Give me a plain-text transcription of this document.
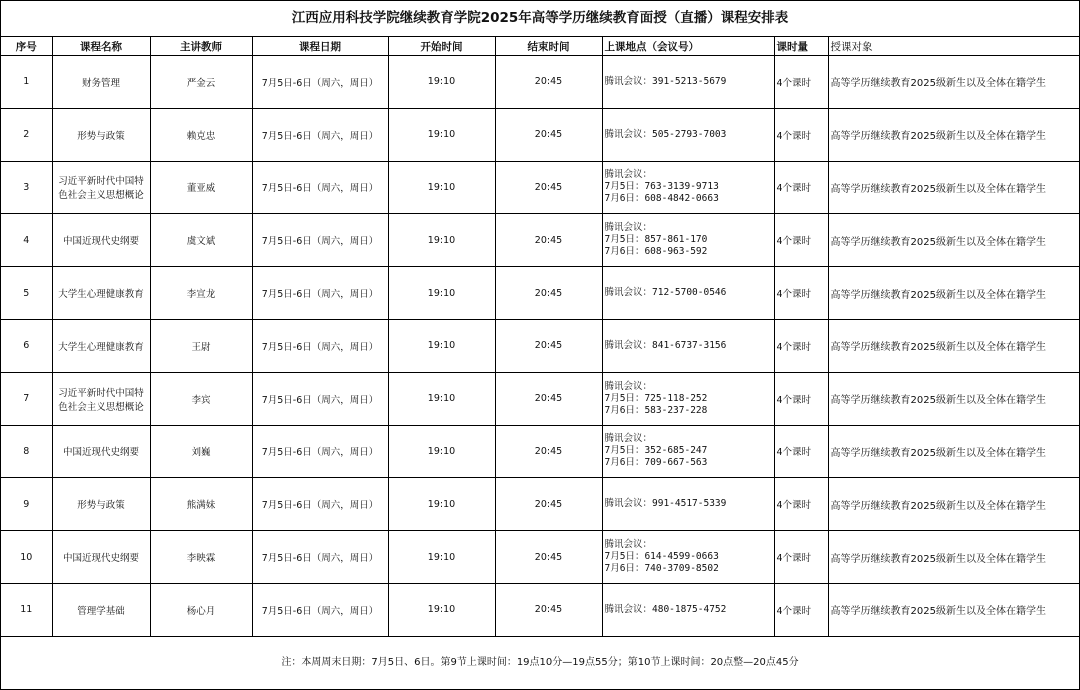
江西应用科技学院继续教育学院2025年高等学历继续教育面授（直播）课程安排表
序号	课程名称	主讲教师	课程日期	开始时间	结束时间	上课地点（会议号）	课时量	授课对象
1	财务管理	严金云	7月5日-6日（周六，周日）	19:10	20:45	腾讯会议：391-5213-5679	4个课时	高等学历继续教育2025级新生以及全体在籍学生
2	形势与政策	赖克忠	7月5日-6日（周六，周日）	19:10	20:45	腾讯会议：505-2793-7003	4个课时	高等学历继续教育2025级新生以及全体在籍学生
3	习近平新时代中国特色社会主义思想概论	董亚威	7月5日-6日（周六，周日）	19:10	20:45	腾讯会议：
7月5日：763-3139-9713
7月6日：608-4842-0663	4个课时	高等学历继续教育2025级新生以及全体在籍学生
4	中国近现代史纲要	虞文斌	7月5日-6日（周六，周日）	19:10	20:45	腾讯会议：
7月5日：857-861-170
7月6日：608-963-592	4个课时	高等学历继续教育2025级新生以及全体在籍学生
5	大学生心理健康教育	李宣龙	7月5日-6日（周六，周日）	19:10	20:45	腾讯会议：712-5700-0546	4个课时	高等学历继续教育2025级新生以及全体在籍学生
6	大学生心理健康教育	王尉	7月5日-6日（周六，周日）	19:10	20:45	腾讯会议：841-6737-3156	4个课时	高等学历继续教育2025级新生以及全体在籍学生
7	习近平新时代中国特色社会主义思想概论	李宾	7月5日-6日（周六，周日）	19:10	20:45	腾讯会议：
7月5日：725-118-252
7月6日：583-237-228	4个课时	高等学历继续教育2025级新生以及全体在籍学生
8	中国近现代史纲要	刘巍	7月5日-6日（周六，周日）	19:10	20:45	腾讯会议：
7月5日：352-685-247
7月6日：709-667-563	4个课时	高等学历继续教育2025级新生以及全体在籍学生
9	形势与政策	熊满妹	7月5日-6日（周六，周日）	19:10	20:45	腾讯会议：991-4517-5339	4个课时	高等学历继续教育2025级新生以及全体在籍学生
10	中国近现代史纲要	李映霖	7月5日-6日（周六，周日）	19:10	20:45	腾讯会议：
7月5日：614-4599-0663
7月6日：740-3709-8502	4个课时	高等学历继续教育2025级新生以及全体在籍学生
11	管理学基础	杨心月	7月5日-6日（周六，周日）	19:10	20:45	腾讯会议：480-1875-4752	4个课时	高等学历继续教育2025级新生以及全体在籍学生
注：本周周末日期：7月5日、6日。第9节上课时间：19点10分—19点55分；第10节上课时间：20点整—20点45分
